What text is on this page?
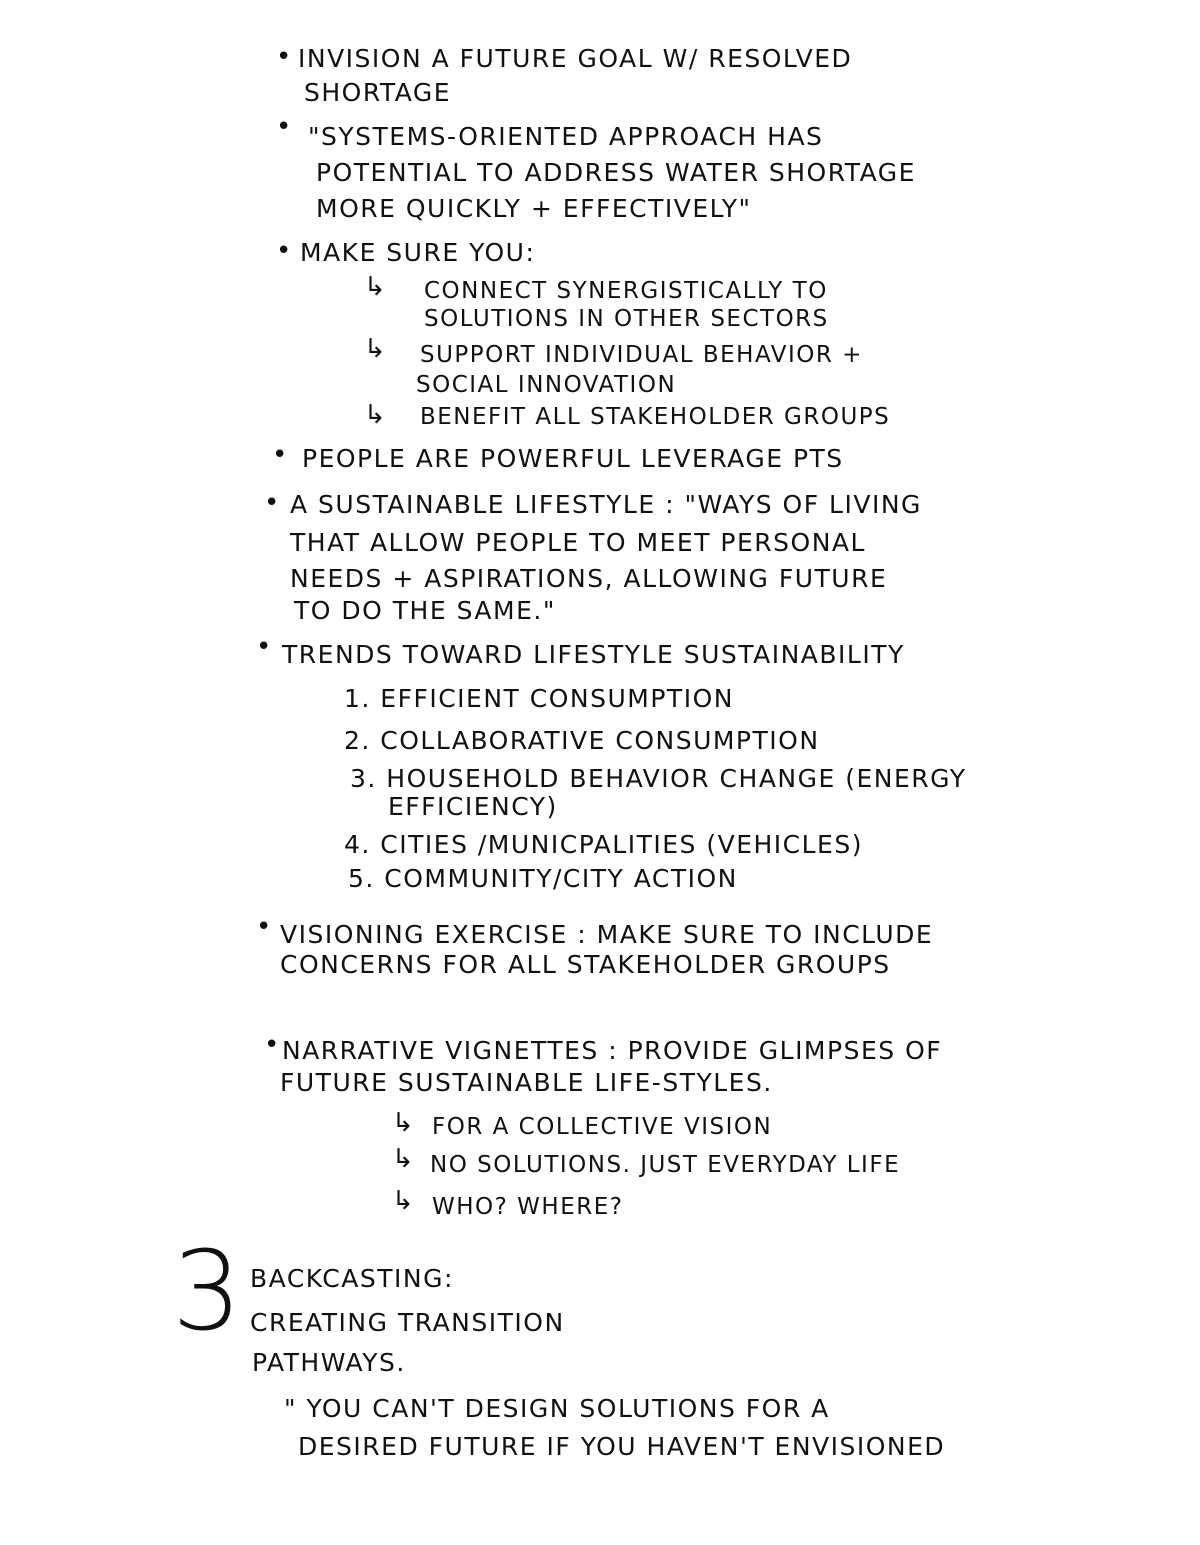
• INVISION A FUTURE GOAL W/ RESOLVED
SHORTAGE
• "SYSTEMS-ORIENTED APPROACH HAS
POTENTIAL TO ADDRESS WATER SHORTAGE
MORE QUICKLY + EFFECTIVELY"
• MAKE SURE YOU:
↳ CONNECT SYNERGISTICALLY TO
SOLUTIONS IN OTHER SECTORS
↳ SUPPORT INDIVIDUAL BEHAVIOR +
SOCIAL INNOVATION
↳ BENEFIT ALL STAKEHOLDER GROUPS
• PEOPLE ARE POWERFUL LEVERAGE PTS
• A SUSTAINABLE LIFESTYLE : "WAYS OF LIVING
THAT ALLOW PEOPLE TO MEET PERSONAL
NEEDS + ASPIRATIONS, ALLOWING FUTURE
TO DO THE SAME."
• TRENDS TOWARD LIFESTYLE SUSTAINABILITY
1. EFFICIENT CONSUMPTION
2. COLLABORATIVE CONSUMPTION
3. HOUSEHOLD BEHAVIOR CHANGE (ENERGY
EFFICIENCY)
4. CITIES /MUNICPALITIES (VEHICLES)
5. COMMUNITY/CITY ACTION
• VISIONING EXERCISE : MAKE SURE TO INCLUDE
CONCERNS FOR ALL STAKEHOLDER GROUPS
• NARRATIVE VIGNETTES : PROVIDE GLIMPSES OF
FUTURE SUSTAINABLE LIFE-STYLES.
↳ FOR A COLLECTIVE VISION
↳ NO SOLUTIONS. JUST EVERYDAY LIFE
↳ WHO? WHERE?
3 BACKCASTING:
CREATING TRANSITION
PATHWAYS.
" YOU CAN'T DESIGN SOLUTIONS FOR A
DESIRED FUTURE IF YOU HAVEN'T ENVISIONED
